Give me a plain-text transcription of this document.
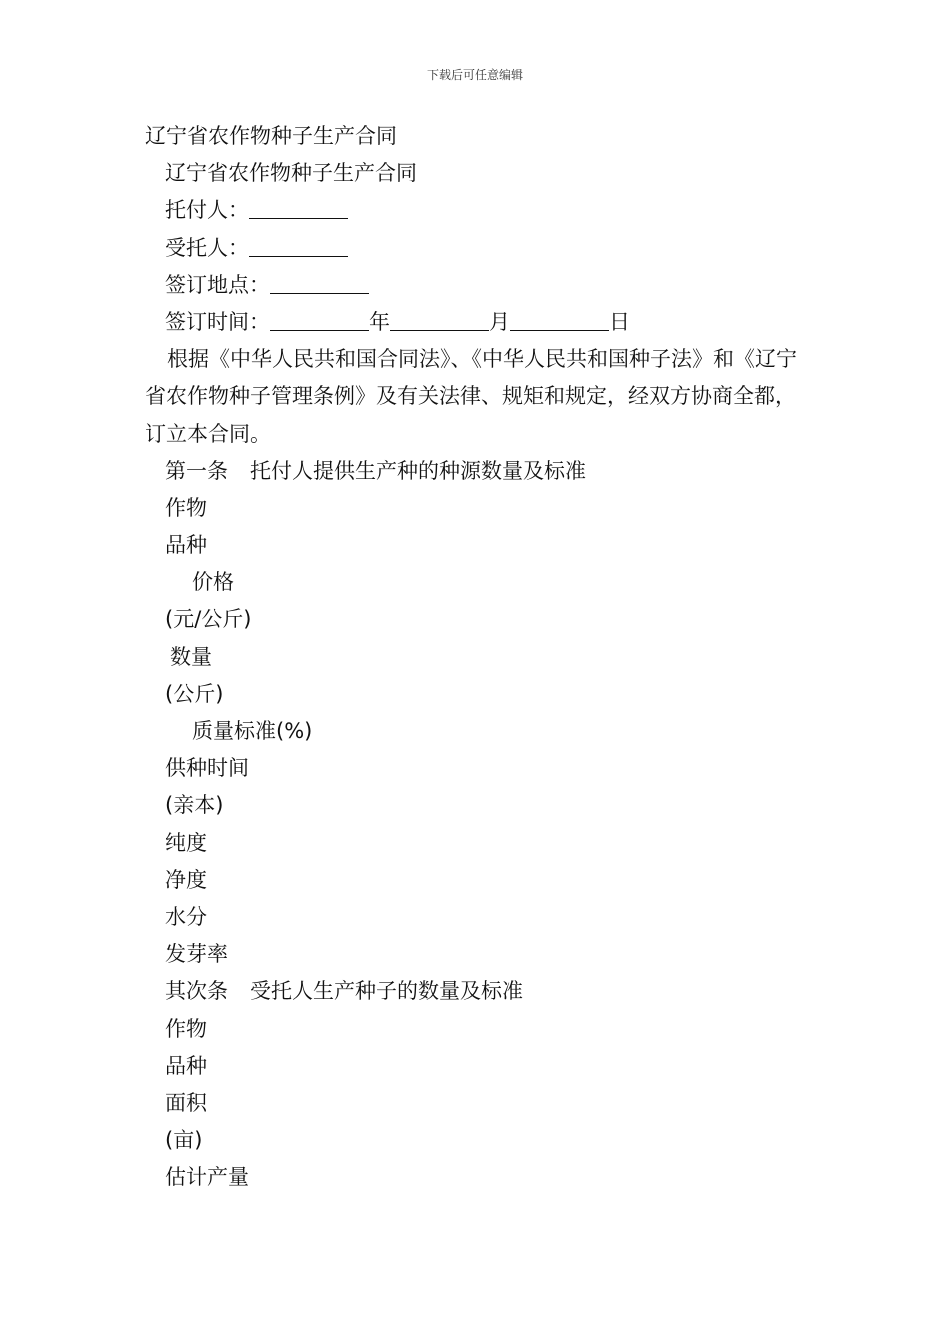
下载后可任意编辑
辽宁省农作物种子生产合同
辽宁省农作物种子生产合同
托付人：
受托人：
签订地点：
签订时间：	年	月	日
根据《中华人民共和国合同法》、《中华人民共和国种子法》和《辽宁省农作物种子管理条例》及有关法律、规矩和规定，经双方协商全都，订立本合同。
第一条 托付人提供生产种的种源数量及标准
作物
品种
价格
(元/公斤)
数量
(公斤)
质量标准(%)
供种时间
(亲本)
纯度
净度
水分
发芽率
其次条 受托人生产种子的数量及标准
作物
品种
面积
(亩)
估计产量
